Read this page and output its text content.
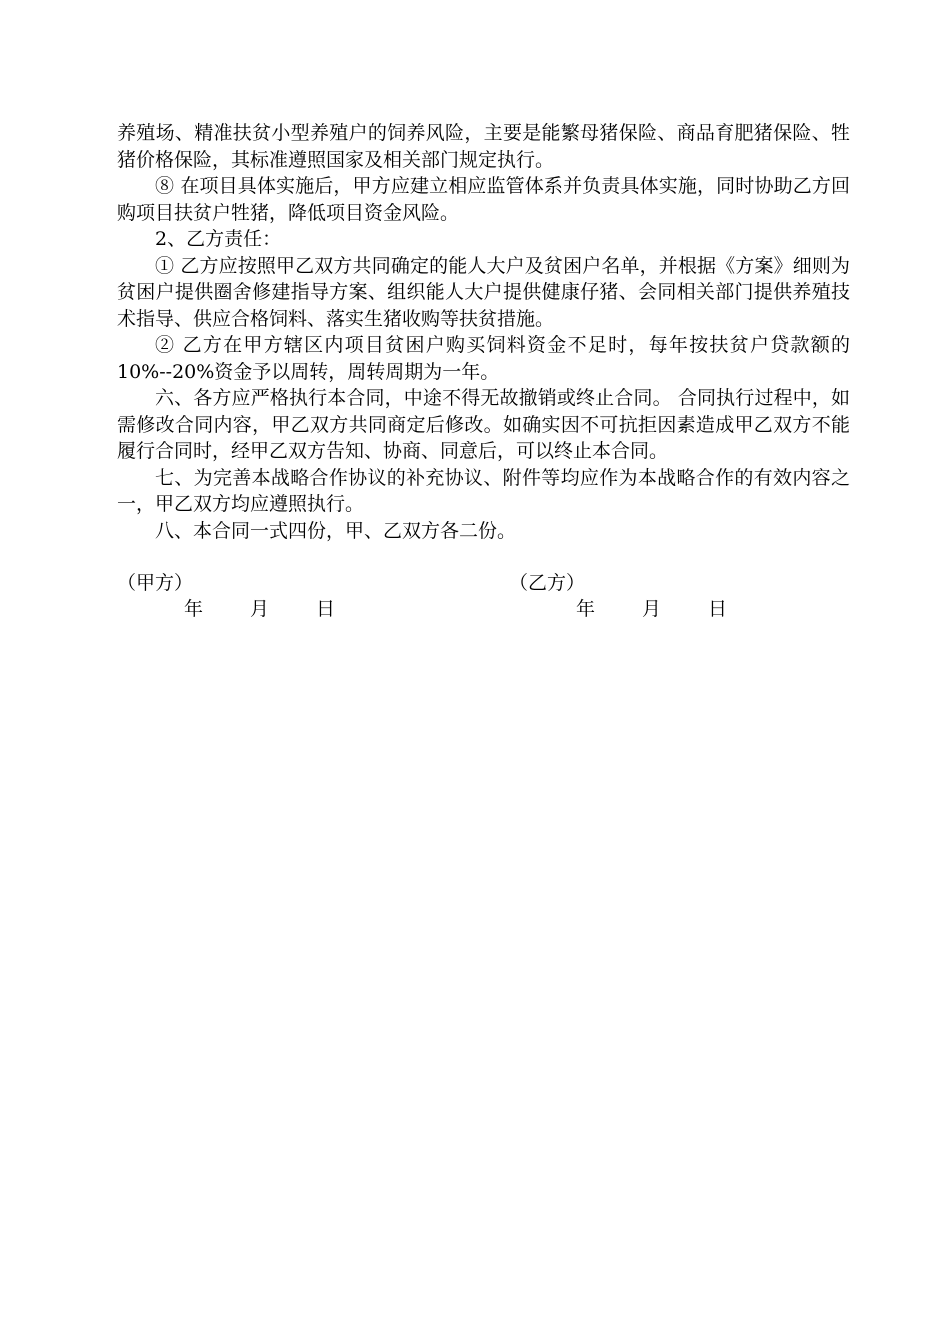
养殖场、精准扶贫小型养殖户的饲养风险，主要是能繁母猪保险、商品育肥猪保险、牲猪价格保险，其标准遵照国家及相关部门规定执行。

⑧ 在项目具体实施后，甲方应建立相应监管体系并负责具体实施，同时协助乙方回购项目扶贫户牲猪，降低项目资金风险。

2、乙方责任：

① 乙方应按照甲乙双方共同确定的能人大户及贫困户名单，并根据《方案》细则为贫困户提供圈舍修建指导方案、组织能人大户提供健康仔猪、会同相关部门提供养殖技术指导、供应合格饲料、落实生猪收购等扶贫措施。

② 乙方在甲方辖区内项目贫困户购买饲料资金不足时，每年按扶贫户贷款额的10%--20%资金予以周转，周转周期为一年。

六、各方应严格执行本合同，中途不得无故撤销或终止合同。 合同执行过程中，如需修改合同内容，甲乙双方共同商定后修改。如确实因不可抗拒因素造成甲乙双方不能履行合同时，经甲乙双方告知、协商、同意后，可以终止本合同。

七、为完善本战略合作协议的补充协议、附件等均应作为本战略合作的有效内容之一，甲乙双方均应遵照执行。

八、本合同一式四份，甲、乙双方各二份。

（甲方）
年 月 日
（乙方）
年 月 日
